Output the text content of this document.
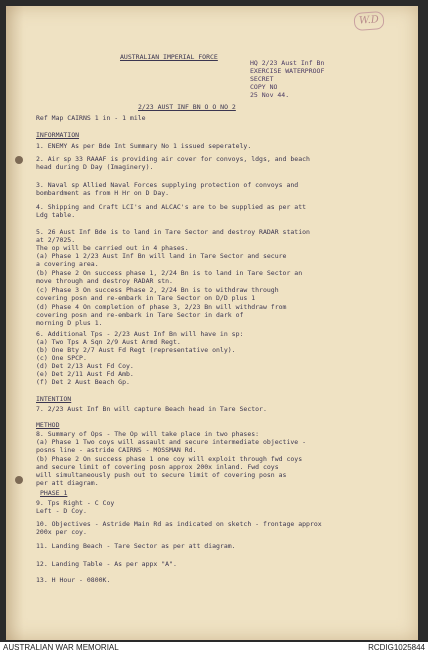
W.D
AUSTRALIAN IMPERIAL FORCE
HQ 2/23 Aust Inf Bn
EXERCISE WATERPROOF
SECRET
COPY NO
25 Nov 44.
2/23 AUST INF BN O O NO 2
Ref Map CAIRNS 1 in - 1 mile
INFORMATION
1. ENEMY As per Bde Int Summary No 1 issued seperately.
2. Air sp 33 RAAAF is providing air cover for convoys, ldgs, and beach
head during D Day (Imaginery).
3. Naval sp Allied Naval Forces supplying protection of convoys and
bombardment as from H Hr on D Day.
4. Shipping and Craft LCI's and ALCAC's are to be supplied as per att
Ldg table.
5. 26 Aust Inf Bde is to land in Tare Sector and destroy RADAR station
at 2/7025.
The op will be carried out in 4 phases.
(a) Phase 1 2/23 Aust Inf Bn will land in Tare Sector and secure
a covering area.
(b) Phase 2 On success phase 1, 2/24 Bn is to land in Tare Sector an
move through and destroy RADAR stn.
(c) Phase 3 On success Phase 2, 2/24 Bn is to withdraw through
covering posn and re-embark in Tare Sector on D/D plus 1
(d) Phase 4 On completion of phase 3, 2/23 Bn will withdraw from
covering posn and re-embark in Tare Sector in dark of
morning D plus 1.
6. Additional Tps - 2/23 Aust Inf Bn will have in sp:
(a) Two Tps A Sqn 2/9 Aust Armd Regt.
(b) One Bty 2/7 Aust Fd Regt (representative only).
(c) One SPCP.
(d) Det 2/13 Aust Fd Coy.
(e) Det 2/11 Aust Fd Amb.
(f) Det 2 Aust Beach Gp.
INTENTION
7. 2/23 Aust Inf Bn will capture Beach head in Tare Sector.
METHOD
8. Summary of Ops - The Op will take place in two phases:
(a) Phase 1 Two coys will assault and secure intermediate objective -
posns line - astride CAIRNS - MOSSMAN Rd.
(b) Phase 2 On success phase 1 one coy will exploit through fwd coys
and secure limit of covering posn approx 200x inland. Fwd coys
will simultaneously push out to secure limit of covering posn as
per att diagram.
PHASE 1
9. Tps Right - C Coy
Left - D Coy.
10. Objectives - Astride Main Rd as indicated on sketch - frontage approx
200x per coy.
11. Landing Beach - Tare Sector as per att diagram.
12. Landing Table - As per appx "A".
13. H Hour - 0800K.
AUSTRALIAN WAR MEMORIAL	RCDIG1025844
